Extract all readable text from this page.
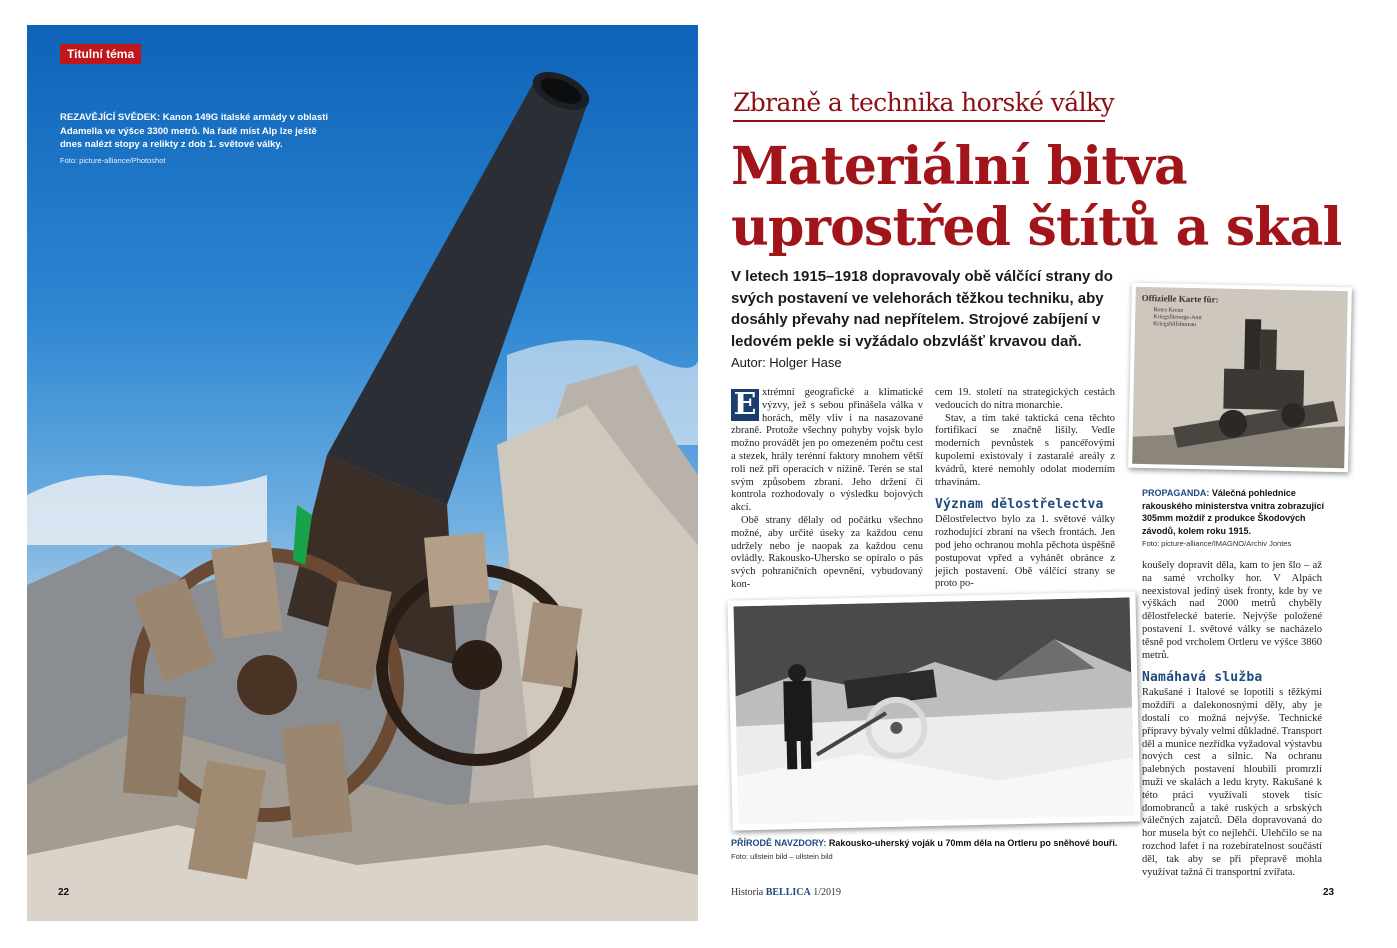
Titulní téma
REZAVĚJÍCÍ SVĚDEK: Kanon 149G italské armády v oblasti Adamella ve výšce 3300 metrů. Na řadě míst Alp lze ještě dnes nalézt stopy a relikty z dob 1. světové války.
Foto: picture-alliance/Photoshot
22
Zbraně a technika horské války
Materiální bitva
uprostřed štítů a skal
V letech 1915–1918 dopravovaly obě válčící strany do svých postavení ve velehorách těžkou techniku, aby dosáhly převahy nad nepřítelem. Strojové zabíjení v ledovém pekle si vyžádalo obzvlášť krvavou daň. Autor: Holger Hase

E xtrémní geografické a klimatické výzvy, jež s sebou přinášela válka v horách, měly vliv i na nasazované zbraně. Protože všechny pohyby vojsk bylo možno provádět jen po omezeném počtu cest a stezek, hrály terénní faktory mnohem větší roli než při operacích v nížině. Terén se stal svým způsobem zbraní. Jeho držení či kontrola rozhodovaly o výsledku bojových akcí.

Obě strany dělaly od počátku všechno možné, aby určité úseky za každou cenu udržely nebo je naopak za každou cenu ovládly. Rakousko-Uhersko se opíralo o pás svých pohraničních opevnění, vybudovaný kon-

cem 19. století na strategických cestách vedoucích do nitra monarchie.

Stav, a tím také taktická cena těchto fortifikací se značně lišily. Vedle moderních pevnůstek s pancéřovými kupolemi existovaly i zastaralé areály z kvádrů, které nemohly odolat moderním trhavinám.

Význam dělostřelectva

Dělostřelectvo bylo za 1. světové války rozhodující zbraní na všech frontách. Jen pod jeho ochranou mohla pěchota úspěšně postupovat vpřed a vyhánět obránce z jejich postavení. Obě válčící strany se proto po-

Offizielle Karte für:
Rotes Kreuz
Kriegsfürsorge-Amt
Kriegshilfsbureau
PROPAGANDA: Válečná pohlednice rakouského ministerstva vnitra zobrazující 305mm moždíř z produkce Škodových závodů, kolem roku 1915.
Foto: picture-alliance/IMAGNO/Archiv Jontes

koušely dopravit děla, kam to jen šlo – až na samé vrcholky hor. V Alpách neexistoval jediný úsek fronty, kde by ve výškách nad 2000 metrů chyběly dělostřelecké baterie. Nejvýše položené postavení 1. světové války se nacházelo těsně pod vrcholem Ortleru ve výšce 3860 metrů.

Namáhavá služba

Rakušané i Italové se lopotili s těžkými moždíři a dalekonosnými děly, aby je dostali co možná nejvýše. Technické přípravy bývaly velmi důkladné. Transport děl a munice nezřídka vyžadoval výstavbu nových cest a silnic. Na ochranu palebných postavení hloubili promrzlí muži ve skalách a ledu kryty. Rakušané k této práci využívali stovek tisíc domobranců a také ruských a srbských válečných zajatců. Děla dopravovaná do hor musela být co nejlehčí. Ulehčilo se na rozchod lafet i na rozebíratelnost součástí děl, tak aby se při přepravě mohla využívat tažná či transportní zvířata.

PŘÍRODĚ NAVZDORY: Rakousko-uherský voják u 70mm děla na Ortleru po sněhové bouři.
Foto: ullstein bild – ullstein bild
Historia BELLICA 1/2019	23
